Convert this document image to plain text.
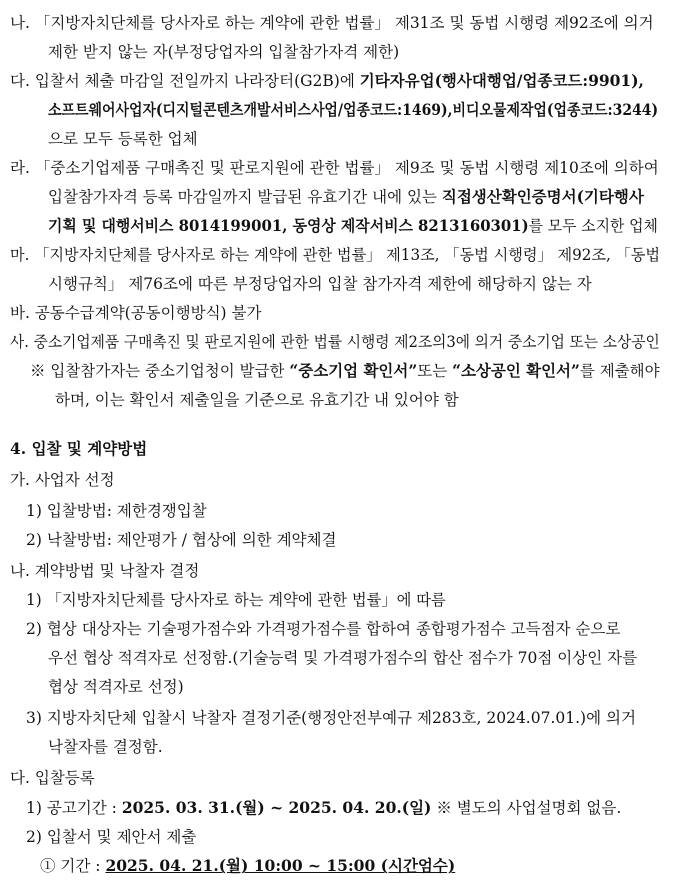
나. 「지방자치단체를 당사자로 하는 계약에 관한 법률」 제31조 및 동법 시행령 제92조에 의거
제한 받지 않는 자(부정당업자의 입찰참가자격 제한)
다. 입찰서 체출 마감일 전일까지 나라장터(G2B)에 기타자유업(행사대행업/업종코드:9901),
소프트웨어사업자(디지털콘텐츠개발서비스사업/업종코드:1469),비디오물제작업(업종코드:3244)
으로 모두 등록한 업체
라. 「중소기업제품 구매촉진 및 판로지원에 관한 법률」 제9조 및 동법 시행령 제10조에 의하여
입찰참가자격 등록 마감일까지 발급된 유효기간 내에 있는 직접생산확인증명서(기타행사
기획 및 대행서비스 8014199001, 동영상 제작서비스 8213160301)를 모두 소지한 업체
마. 「지방자치단체를 당사자로 하는 계약에 관한 법률」 제13조, 「동법 시행령」 제92조, 「동법
시행규칙」 제76조에 따른 부정당업자의 입찰 참가자격 제한에 해당하지 않는 자
바. 공동수급계약(공동이행방식) 불가
사. 중소기업제품 구매촉진 및 판로지원에 관한 법률 시행령 제2조의3에 의거 중소기업 또는 소상공인
※ 입찰참가자는 중소기업청이 발급한 “중소기업 확인서”또는 “소상공인 확인서”를 제출해야
하며, 이는 확인서 제출일을 기준으로 유효기간 내 있어야 함
4. 입찰 및 계약방법
가. 사업자 선정
1) 입찰방법: 제한경쟁입찰
2) 낙찰방법: 제안평가 / 협상에 의한 계약체결
나. 계약방법 및 낙찰자 결정
1) 「지방자치단체를 당사자로 하는 계약에 관한 법률」에 따름
2) 협상 대상자는 기술평가점수와 가격평가점수를 합하여 종합평가점수 고득점자 순으로
우선 협상 적격자로 선정함.(기술능력 및 가격평가점수의 합산 점수가 70점 이상인 자를
협상 적격자로 선정)
3) 지방자치단체 입찰시 낙찰자 결정기준(행정안전부예규 제283호, 2024.07.01.)에 의거
낙찰자를 결정함.
다. 입찰등록
1) 공고기간 : 2025. 03. 31.(월) ~ 2025. 04. 20.(일) ※ 별도의 사업설명회 없음.
2) 입찰서 및 제안서 제출
① 기간 : 2025. 04. 21.(월) 10:00 ~ 15:00 (시간엄수)
